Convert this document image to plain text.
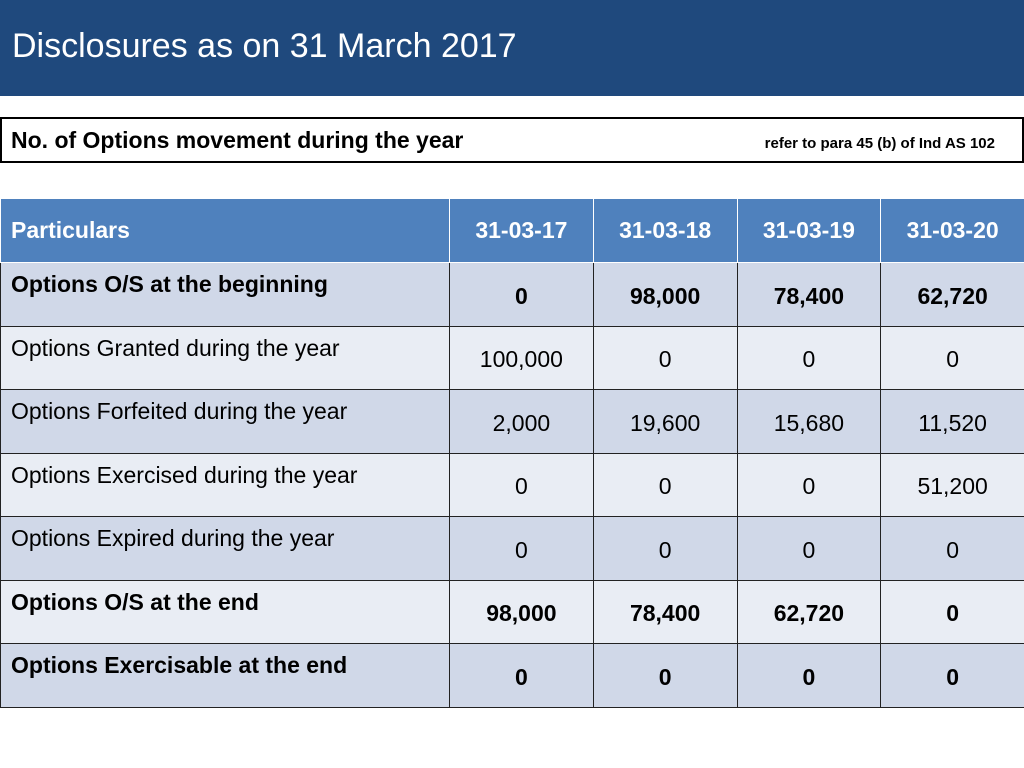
Disclosures as on 31 March 2017
No. of Options movement during the year	refer to para 45 (b) of Ind AS 102
Particulars	31-03-17	31-03-18	31-03-19	31-03-20
Options O/S at the beginning	0	98,000	78,400	62,720
Options Granted during the year	100,000	0	0	0
Options Forfeited during the year	2,000	19,600	15,680	11,520
Options Exercised during the year	0	0	0	51,200
Options Expired during the year	0	0	0	0
Options O/S at the end	98,000	78,400	62,720	0
Options Exercisable at the end	0	0	0	0
